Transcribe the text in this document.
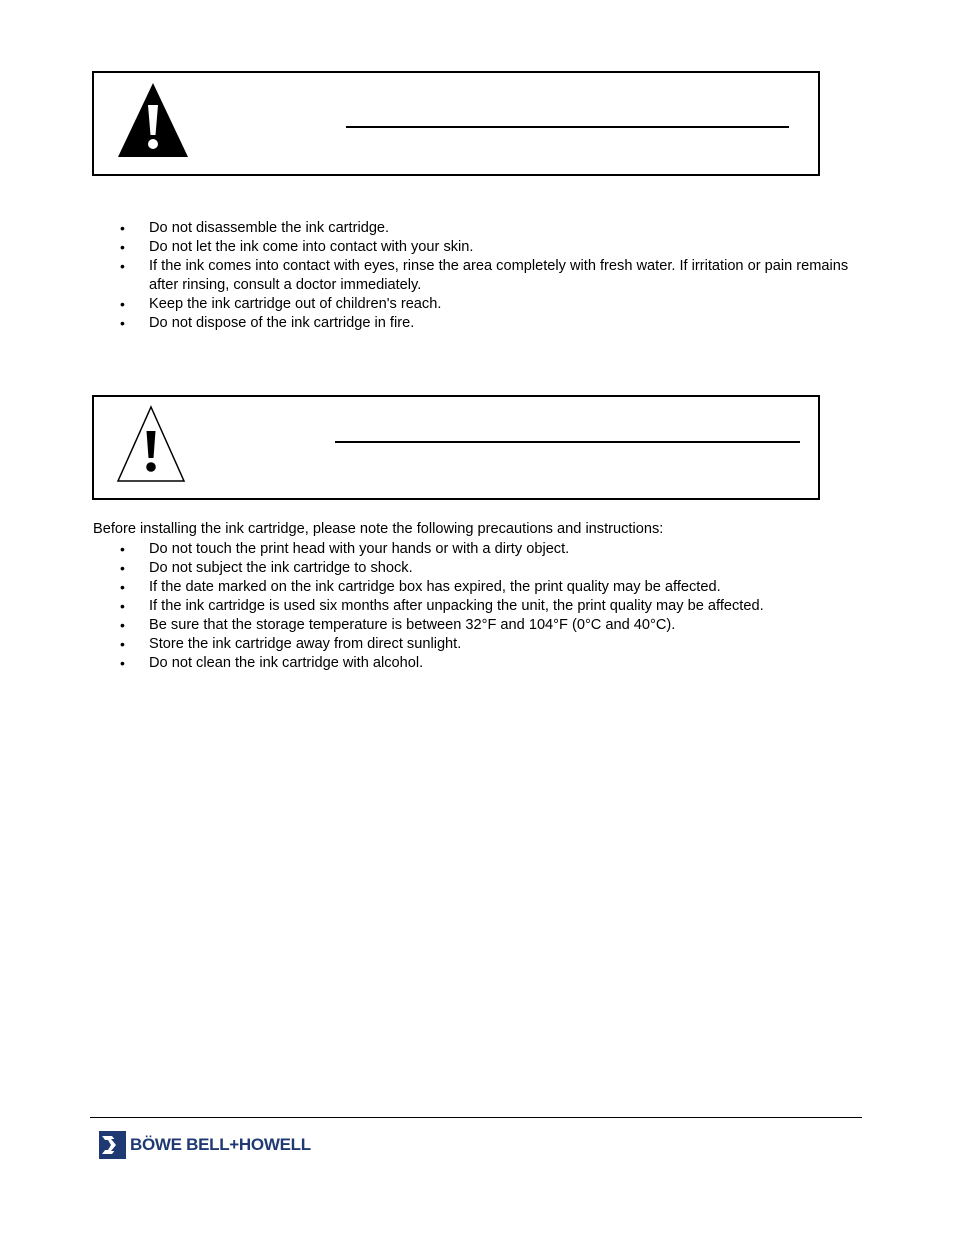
• Do not disassemble the ink cartridge.
• Do not let the ink come into contact with your skin.
• If the ink comes into contact with eyes, rinse the area completely with fresh water. If irritation or pain remains after rinsing, consult a doctor immediately.
• Keep the ink cartridge out of children's reach.
• Do not dispose of the ink cartridge in fire.
Before installing the ink cartridge, please note the following precautions and instructions:
• Do not touch the print head with your hands or with a dirty object.
• Do not subject the ink cartridge to shock.
• If the date marked on the ink cartridge box has expired, the print quality may be affected.
• If the ink cartridge is used six months after unpacking the unit, the print quality may be affected.
• Be sure that the storage temperature is between 32°F and 104°F (0°C and 40°C).
• Store the ink cartridge away from direct sunlight.
• Do not clean the ink cartridge with alcohol.
BÖWE BELL+HOWELL
